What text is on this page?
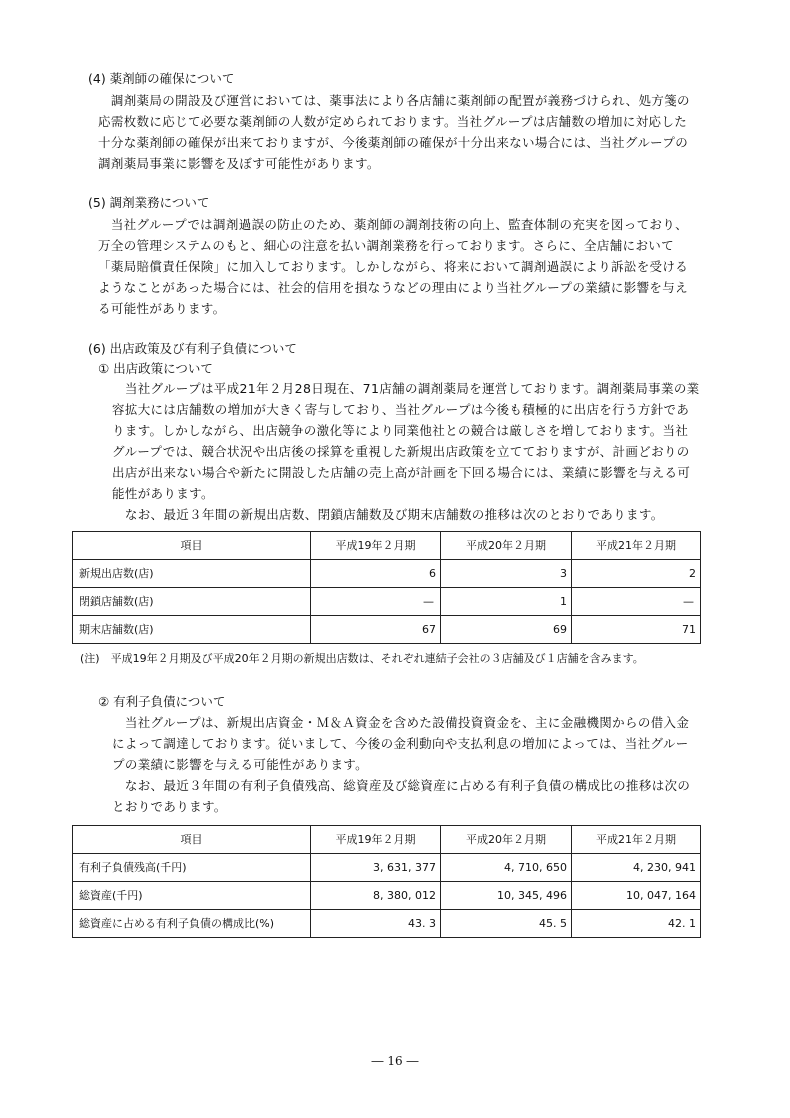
(4) 薬剤師の確保について
　調剤薬局の開設及び運営においては、薬事法により各店舗に薬剤師の配置が義務づけられ、処方箋の
応需枚数に応じて必要な薬剤師の人数が定められております。当社グループは店舗数の増加に対応した
十分な薬剤師の確保が出来ておりますが、今後薬剤師の確保が十分出来ない場合には、当社グループの
調剤薬局事業に影響を及ぼす可能性があります。
(5) 調剤業務について
　当社グループでは調剤過誤の防止のため、薬剤師の調剤技術の向上、監査体制の充実を図っており、
万全の管理システムのもと、細心の注意を払い調剤業務を行っております。さらに、全店舗において
「薬局賠償責任保険」に加入しております。しかしながら、将来において調剤過誤により訴訟を受ける
ようなことがあった場合には、社会的信用を損なうなどの理由により当社グループの業績に影響を与え
る可能性があります。
(6) 出店政策及び有利子負債について
① 出店政策について
　当社グループは平成21年２月28日現在、71店舗の調剤薬局を運営しております。調剤薬局事業の業
容拡大には店舗数の増加が大きく寄与しており、当社グループは今後も積極的に出店を行う方針であ
ります。しかしながら、出店競争の激化等により同業他社との競合は厳しさを増しております。当社
グループでは、競合状況や出店後の採算を重視した新規出店政策を立てておりますが、計画どおりの
出店が出来ない場合や新たに開設した店舗の売上高が計画を下回る場合には、業績に影響を与える可
能性があります。
　なお、最近３年間の新規出店数、閉鎖店舗数及び期末店舗数の推移は次のとおりであります。
項目	平成19年２月期	平成20年２月期	平成21年２月期
新規出店数(店)	6	3	2
閉鎖店舗数(店)	—	1	—
期末店舗数(店)	67	69	71
(注)　平成19年２月期及び平成20年２月期の新規出店数は、それぞれ連結子会社の３店舗及び１店舗を含みます。
② 有利子負債について
　当社グループは、新規出店資金・Ｍ＆Ａ資金を含めた設備投資資金を、主に金融機関からの借入金
によって調達しております。従いまして、今後の金利動向や支払利息の増加によっては、当社グルー
プの業績に影響を与える可能性があります。
　なお、最近３年間の有利子負債残高、総資産及び総資産に占める有利子負債の構成比の推移は次の
とおりであります。
項目	平成19年２月期	平成20年２月期	平成21年２月期
有利子負債残高(千円)	3, 631, 377	4, 710, 650	4, 230, 941
総資産(千円)	8, 380, 012	10, 345, 496	10, 047, 164
総資産に占める有利子負債の構成比(%)	43. 3	45. 5	42. 1
― 16 ―
